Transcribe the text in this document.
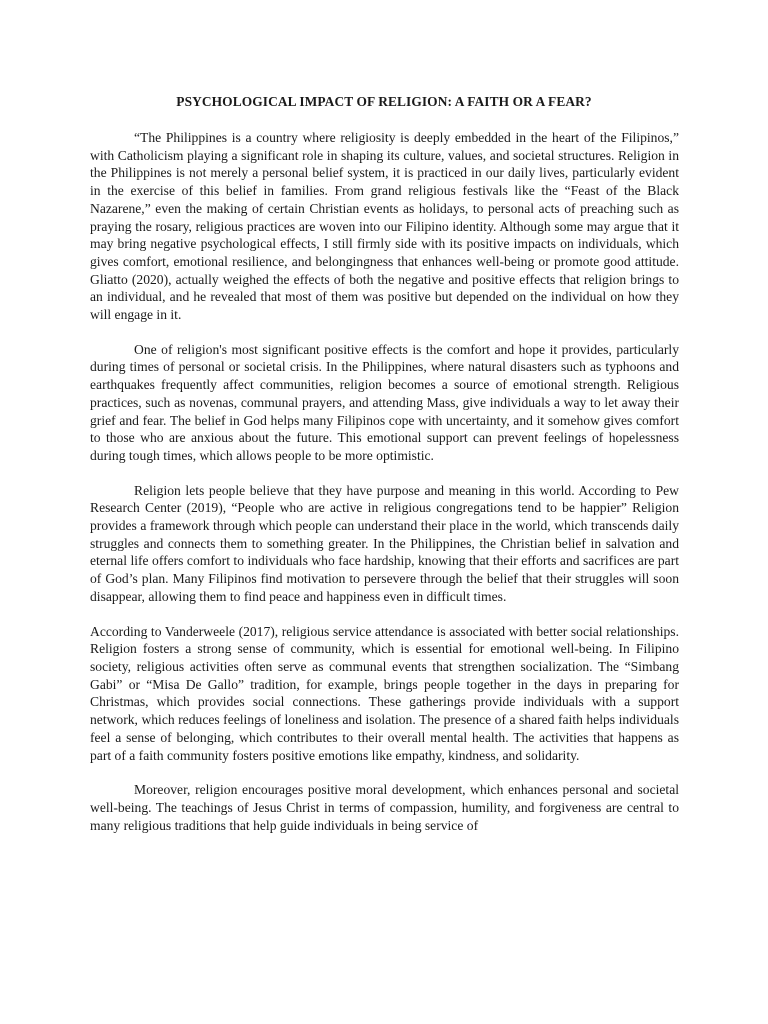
PSYCHOLOGICAL IMPACT OF RELIGION: A FAITH OR A FEAR?

“The Philippines is a country where religiosity is deeply embedded in the heart of the Filipinos,” with Catholicism playing a significant role in shaping its culture, values, and societal structures. Religion in the Philippines is not merely a personal belief system, it is practiced in our daily lives, particularly evident in the exercise of this belief in families. From grand religious festivals like the “Feast of the Black Nazarene,” even the making of certain Christian events as holidays, to personal acts of preaching such as praying the rosary, religious practices are woven into our Filipino identity. Although some may argue that it may bring negative psychological effects, I still firmly side with its positive impacts on individuals, which gives comfort, emotional resilience, and belongingness that enhances well-being or promote good attitude. Gliatto (2020), actually weighed the effects of both the negative and positive effects that religion brings to an individual, and he revealed that most of them was positive but depended on the individual on how they will engage in it.

One of religion's most significant positive effects is the comfort and hope it provides, particularly during times of personal or societal crisis. In the Philippines, where natural disasters such as typhoons and earthquakes frequently affect communities, religion becomes a source of emotional strength. Religious practices, such as novenas, communal prayers, and attending Mass, give individuals a way to let away their grief and fear. The belief in God helps many Filipinos cope with uncertainty, and it somehow gives comfort to those who are anxious about the future. This emotional support can prevent feelings of hopelessness during tough times, which allows people to be more optimistic.

Religion lets people believe that they have purpose and meaning in this world. According to Pew Research Center (2019), “People who are active in religious congregations tend to be happier” Religion provides a framework through which people can understand their place in the world, which transcends daily struggles and connects them to something greater. In the Philippines, the Christian belief in salvation and eternal life offers comfort to individuals who face hardship, knowing that their efforts and sacrifices are part of God’s plan. Many Filipinos find motivation to persevere through the belief that their struggles will soon disappear, allowing them to find peace and happiness even in difficult times.

According to Vanderweele (2017), religious service attendance is associated with better social relationships. Religion fosters a strong sense of community, which is essential for emotional well-being. In Filipino society, religious activities often serve as communal events that strengthen socialization. The “Simbang Gabi” or “Misa De Gallo” tradition, for example, brings people together in the days in preparing for Christmas, which provides social connections. These gatherings provide individuals with a support network, which reduces feelings of loneliness and isolation. The presence of a shared faith helps individuals feel a sense of belonging, which contributes to their overall mental health. The activities that happens as part of a faith community fosters positive emotions like empathy, kindness, and solidarity.

Moreover, religion encourages positive moral development, which enhances personal and societal well-being. The teachings of Jesus Christ in terms of compassion, humility, and forgiveness are central to many religious traditions that help guide individuals in being service of
